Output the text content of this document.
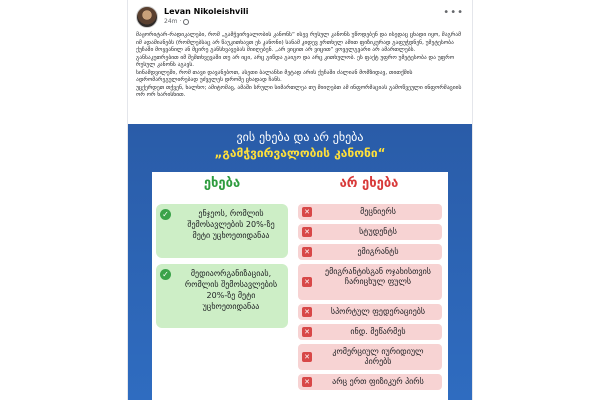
Levan Nikoleishvili
24m ·
•••

მაჟორიტარ-რადიკალები, რომ „გამჭვირვალობის კანონს“ ისევ რუსულ კანონს უწოდებენ და ისედაც ცხადი იყო, მაგრამ იმ ადამიანებს (რომლებსაც არ წაუკითხავთ ეს კანონი) სანამ კიდევ ერთხელ ამით ფიზიკურად გაფუჭდნენ, უმეტესობა ქუჩაში მოყვანილ ან მცირე განსხვავებას მიიღებენ. „არ ვიცით არ ვიცით“ ყოველგვარი არ ამართლებს.

განსაკუთრებით იმ შემთხვევაში თუ არ იცი, არც გიწდა გაიგო და არც კითხულობ. ეს ფაქტ უფრო უმეტესობა და უფრო რუსულ კანონს აგავს.

სინამდვილეში, რომ თავი დავანებოთ, ასეთი ბალანსი მეტად არის ქუჩაში ძალიან მომზიდავ, თითქმის ადრომარეგულირებად უძველეს დროშე ცხადად ჩანს.

უცქერდეთ თქვენ, ხალხო; ამიტომაც, ამაში სრული სიმართლეა თუ მიიღებთ ამ ინფორმაციას გამოწვეული ინფორმაციის ორ ორ ხარისხით.

ვის ეხება და არ ეხება
„გამჭვირვალობის კანონი“
ეხება	არ ეხება
✓	ენჯეოს, რომლის შემოსავლების 20%-ზე მეტი უცხოეთიდანაა
✓	მედიაორგანიზაციას, რომლის შემოსავლების 20%-ზე მეტი უცხოეთიდანაა
✕	მეცნიერს
✕	სტუდენტს
✕	ემიგრანტს
✕
ემიგრანტისგან ოჯახისთვის ჩარიცხულ ფულს
✕	სპორტულ ფედერაციებს
✕	ინდ. მეწარმეს
✕
კომერციულ იურიდიულ პირებს
✕	არც ერთ ფიზიკურ პირს
